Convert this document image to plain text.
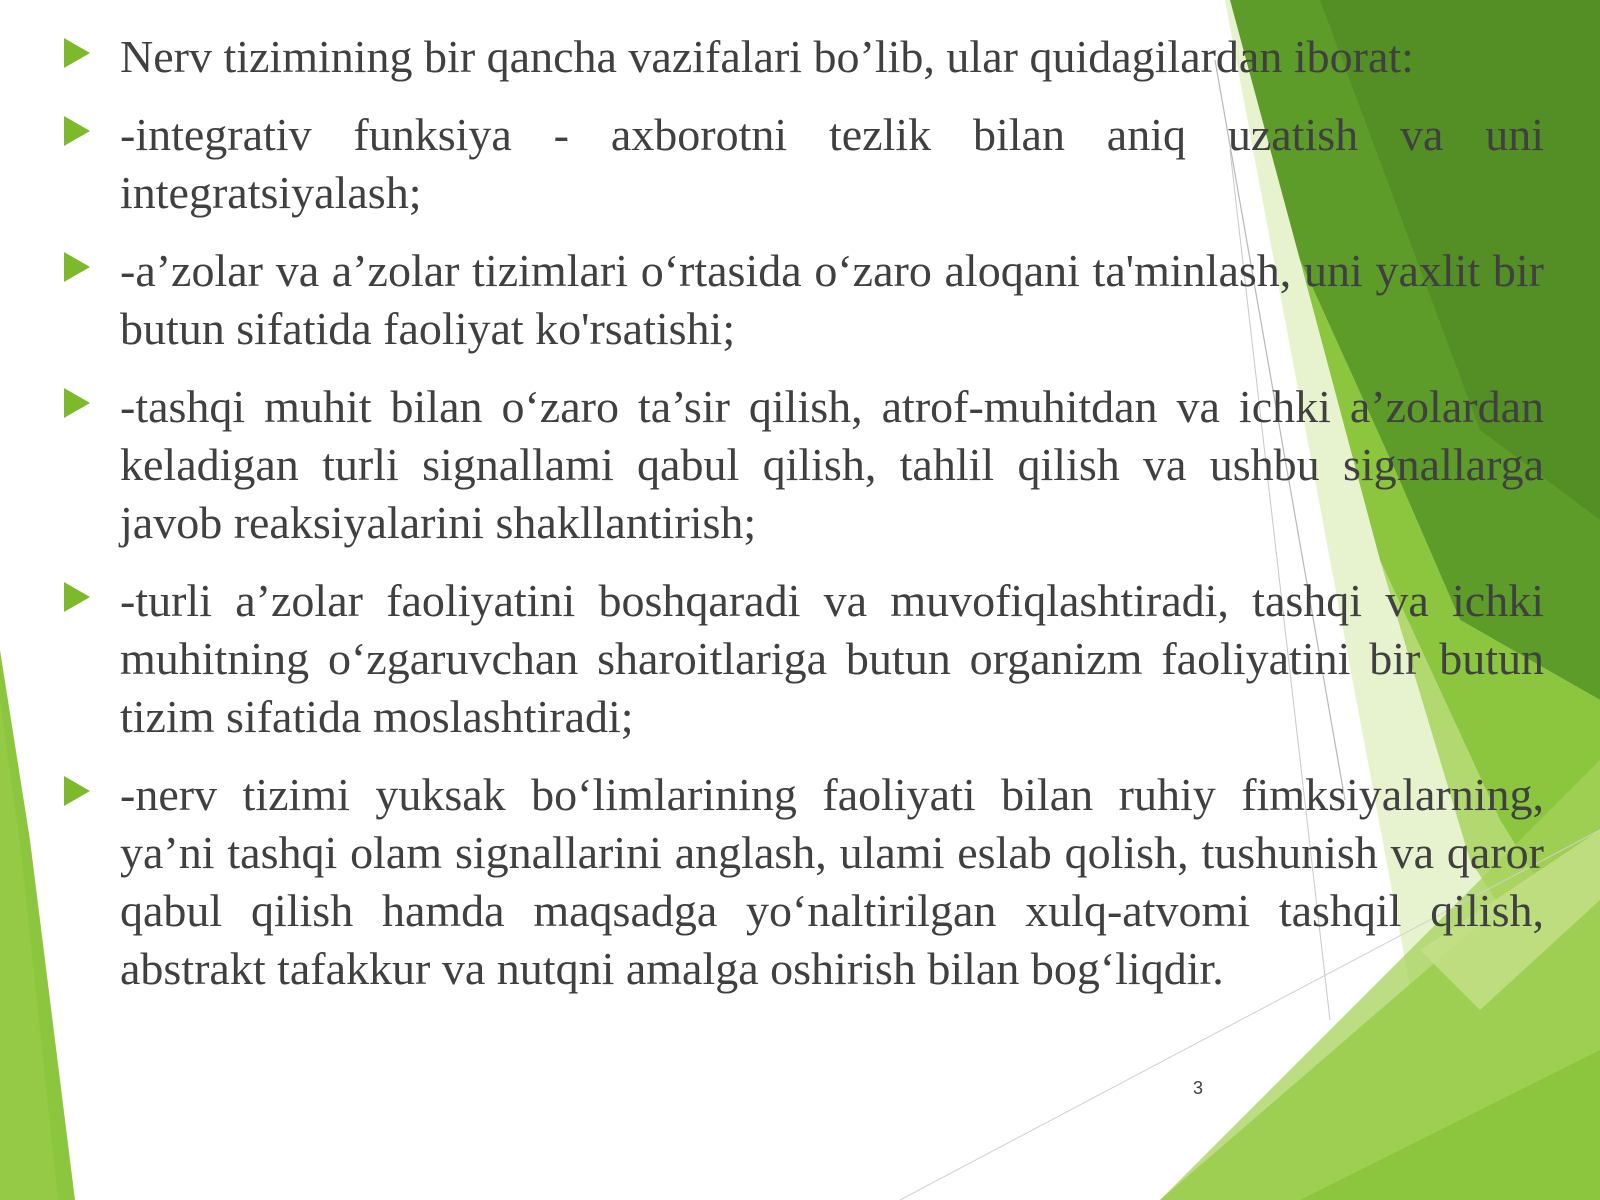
Nerv tizimining bir qancha vazifalari bo’lib, ular quidagilardan iborat:
-integrativ funksiya - axborotni tezlik bilan aniq uzatish va uni integratsiyalash;
-a’zolar va a’zolar tizimlari o‘rtasida o‘zaro aloqani ta'minlash, uni yaxlit bir butun sifatida faoliyat ko'rsatishi;
-tashqi muhit bilan o‘zaro ta’sir qilish, atrof-muhitdan va ichki a’zolardan keladigan turli signallami qabul qilish, tahlil qilish va ushbu signallarga javob reaksiyalarini shakllantirish;
-turli a’zolar faoliyatini boshqaradi va muvofiqlashtiradi, tashqi va ichki muhitning o‘zgaruvchan sharoitlariga butun organizm faoliyatini bir butun tizim sifatida moslashtiradi;
-nerv tizimi yuksak bo‘limlarining faoliyati bilan ruhiy fimksiyalarning, ya’ni tashqi olam signallarini anglash, ulami eslab qolish, tushunish va qaror qabul qilish hamda maqsadga yo‘naltirilgan xulq-atvomi tashqil qilish, abstrakt tafakkur va nutqni amalga oshirish bilan bog‘liqdir.
3
